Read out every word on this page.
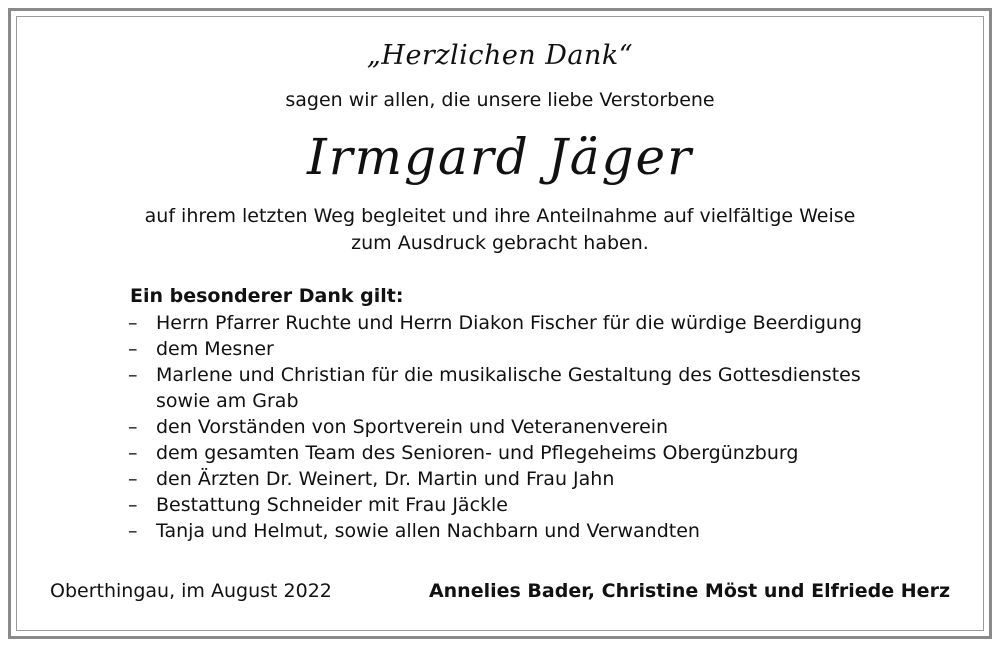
„Herzlichen Dank“
sagen wir allen, die unsere liebe Verstorbene
Irmgard Jäger
auf ihrem letzten Weg begleitet und ihre Anteilnahme auf vielfältige Weise
zum Ausdruck gebracht haben.
Ein besonderer Dank gilt:
– Herrn Pfarrer Ruchte und Herrn Diakon Fischer für die würdige Beerdigung
– dem Mesner
– Marlene und Christian für die musikalische Gestaltung des Gottesdienstes
sowie am Grab
– den Vorständen von Sportverein und Veteranenverein
– dem gesamten Team des Senioren- und Pflegeheims Obergünzburg
– den Ärzten Dr. Weinert, Dr. Martin und Frau Jahn
– Bestattung Schneider mit Frau Jäckle
– Tanja und Helmut, sowie allen Nachbarn und Verwandten
Oberthingau, im August 2022	Annelies Bader, Christine Möst und Elfriede Herz
